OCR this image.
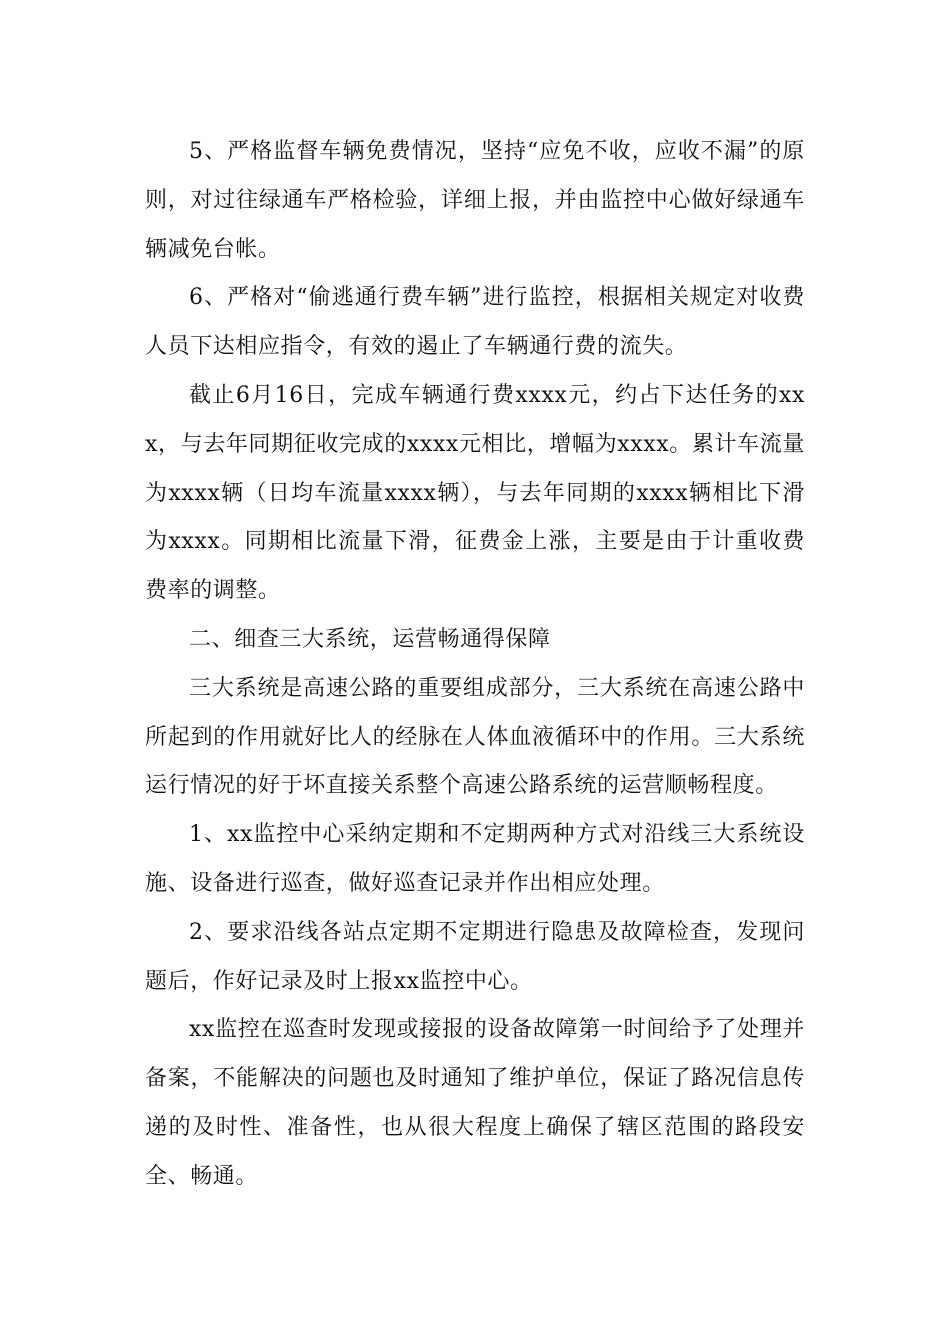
5、严格监督车辆免费情况，坚持“应免不收，应收不漏”的原则，对过往绿通车严格检验，详细上报，并由监控中心做好绿通车辆减免台帐。

6、严格对“偷逃通行费车辆”进行监控，根据相关规定对收费人员下达相应指令，有效的遏止了车辆通行费的流失。

截止6月16日，完成车辆通行费xxxx元，约占下达任务的xxx，与去年同期征收完成的xxxx元相比，增幅为xxxx。累计车流量为xxxx辆（日均车流量xxxx辆），与去年同期的xxxx辆相比下滑为xxxx。同期相比流量下滑，征费金上涨，主要是由于计重收费费率的调整。

二、细查三大系统，运营畅通得保障

三大系统是高速公路的重要组成部分，三大系统在高速公路中所起到的作用就好比人的经脉在人体血液循环中的作用。三大系统运行情况的好于坏直接关系整个高速公路系统的运营顺畅程度。

1、xx监控中心采纳定期和不定期两种方式对沿线三大系统设施、设备进行巡查，做好巡查记录并作出相应处理。

2、要求沿线各站点定期不定期进行隐患及故障检查，发现问题后，作好记录及时上报xx监控中心。

xx监控在巡查时发现或接报的设备故障第一时间给予了处理并备案，不能解决的问题也及时通知了维护单位，保证了路况信息传递的及时性、准备性，也从很大程度上确保了辖区范围的路段安全、畅通。
